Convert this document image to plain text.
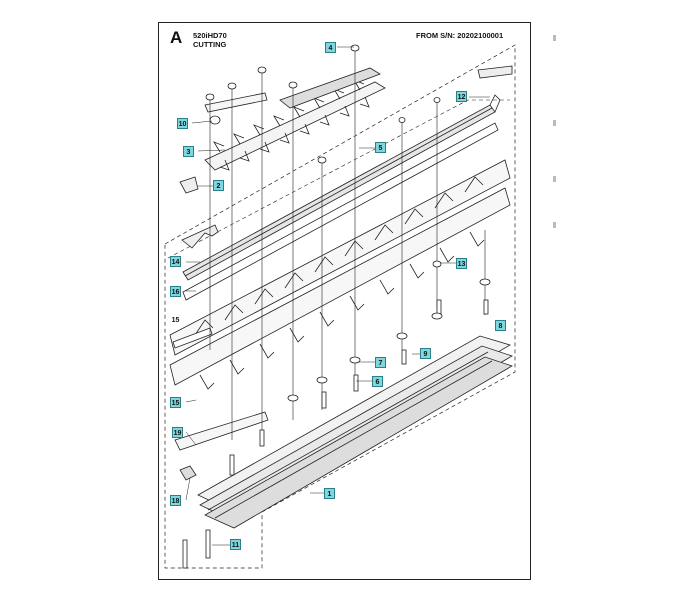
A 520iHD70
CUTTING
FROM S/N: 20202100001
4
12
10
3
5
2
14	13
16
15
8
9
7
6
15
19
18
1
11
